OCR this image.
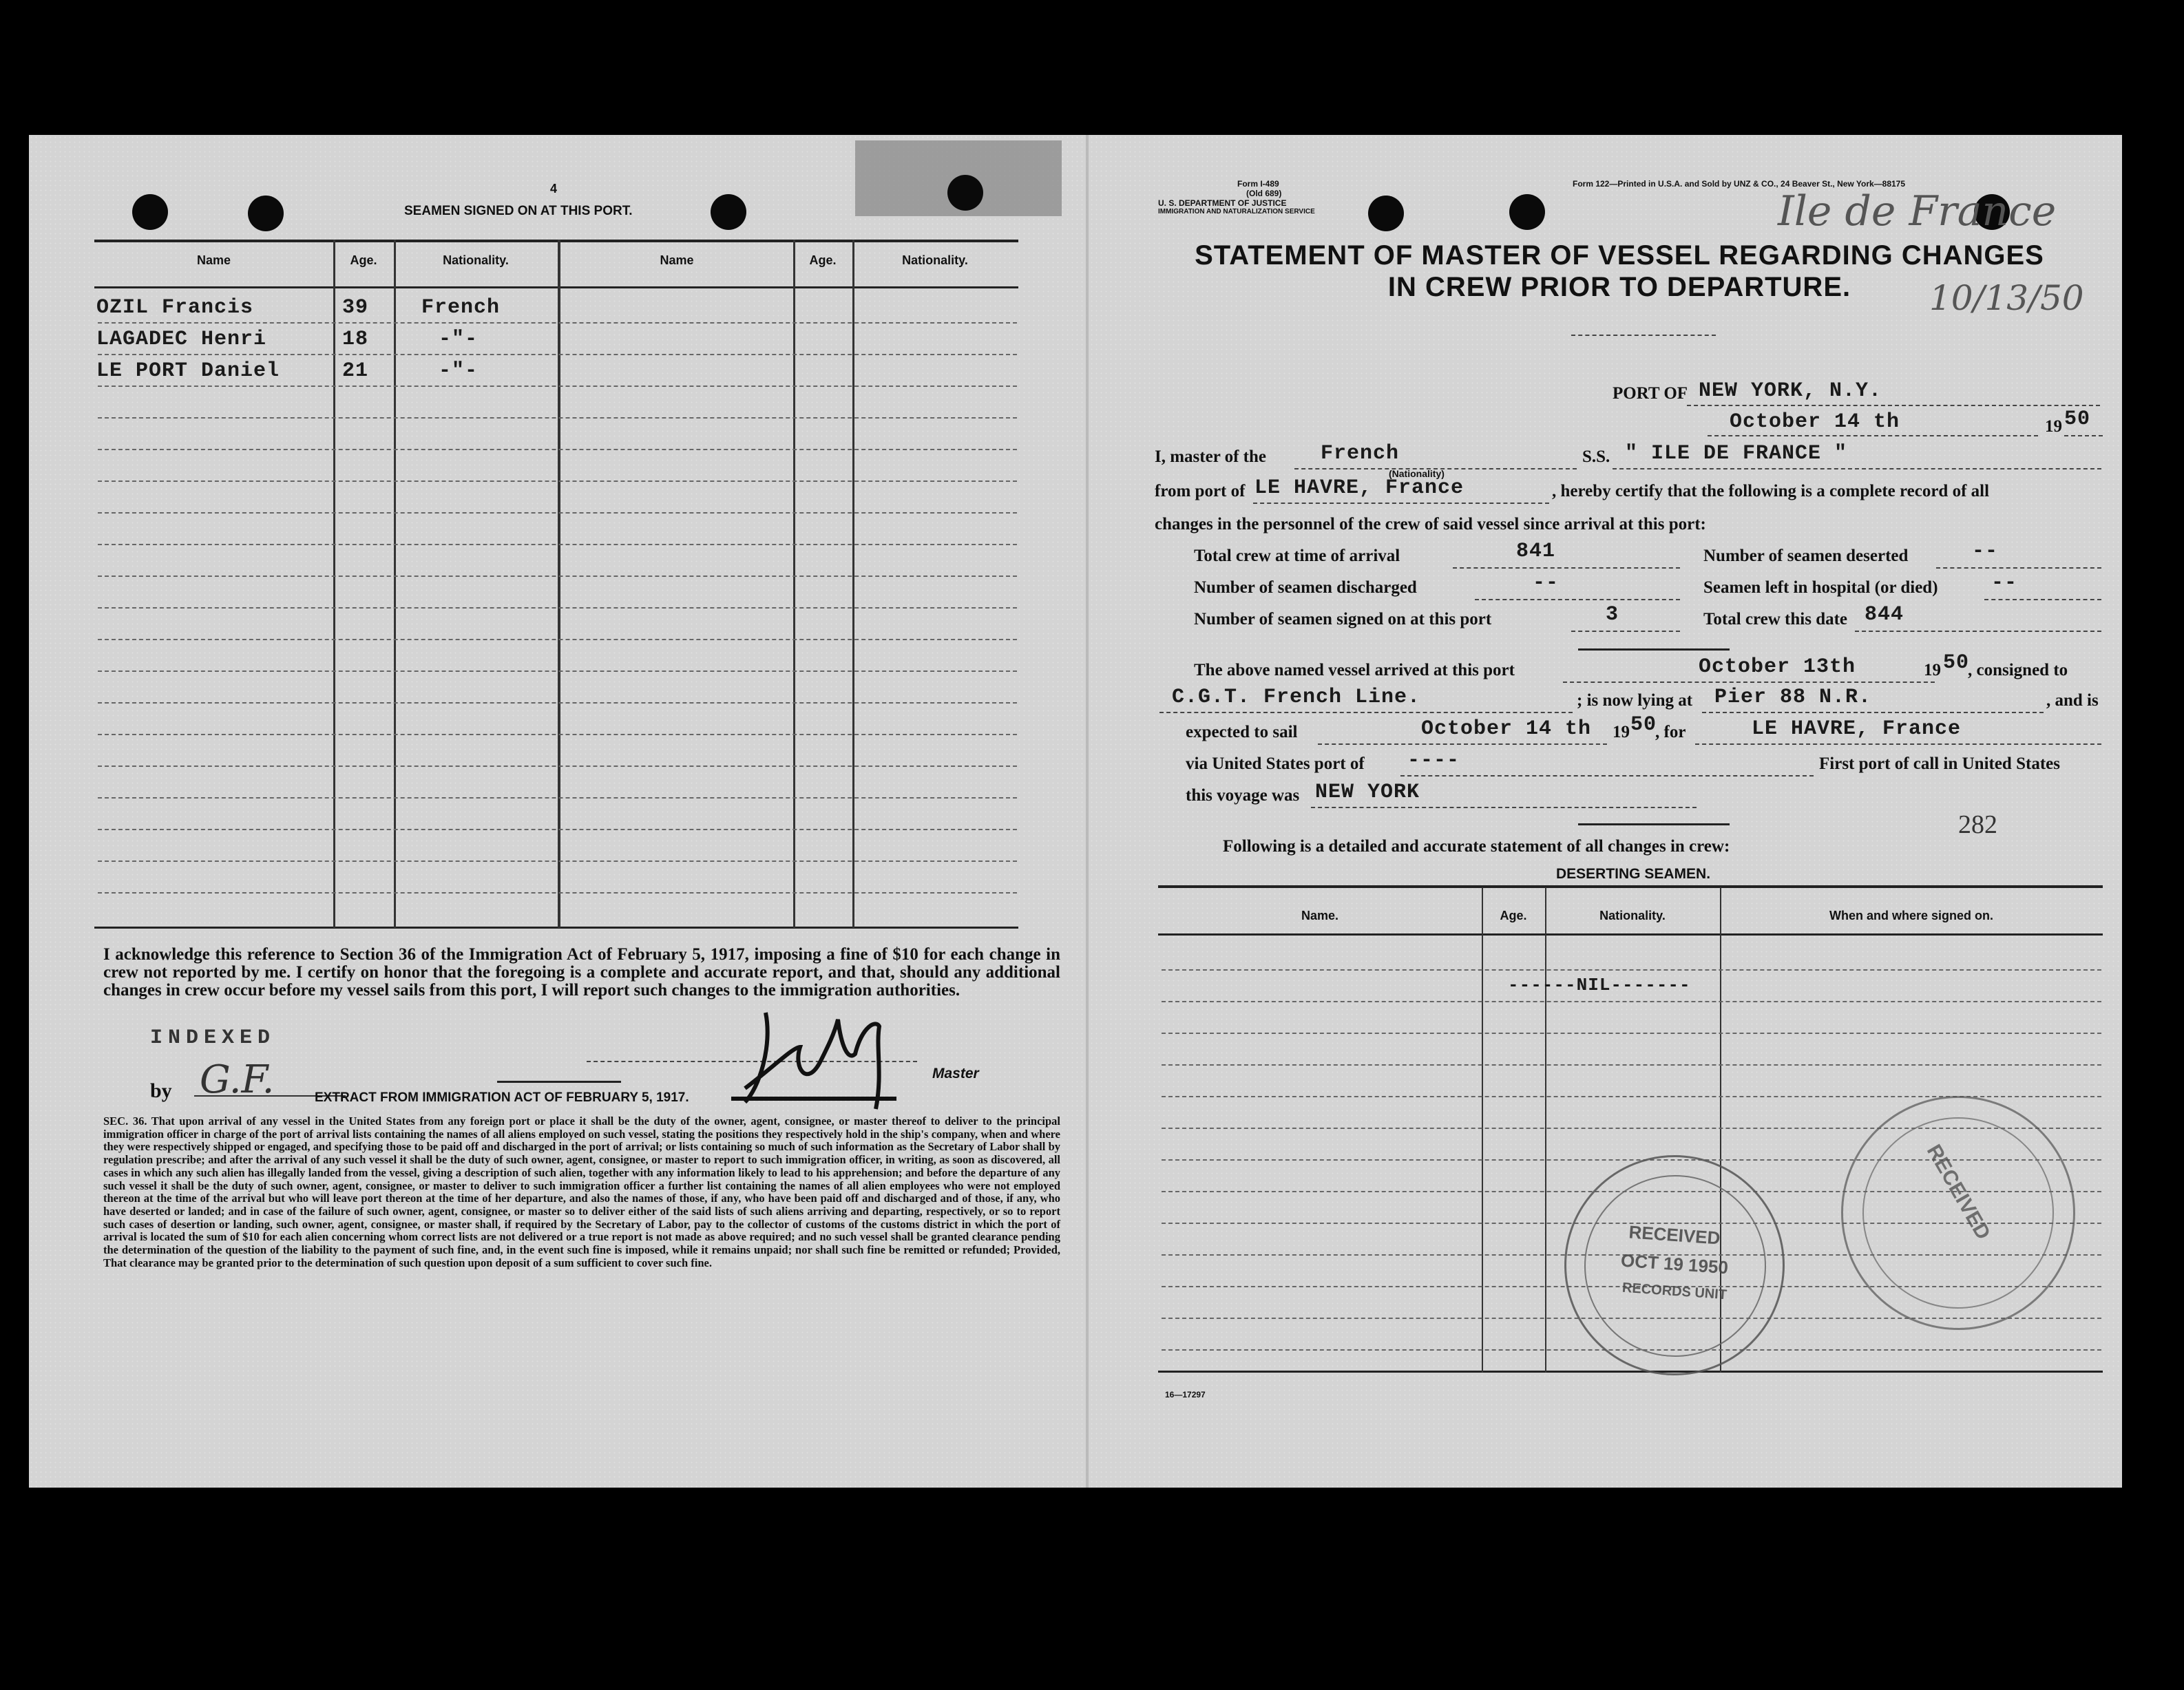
4
SEAMEN SIGNED ON AT THIS PORT.
Name	Age.	Nationality.	Name	Age.	Nationality.
OZIL Francis	39	French
LAGADEC Henri	18	-"-
LE PORT Daniel	21	-"-
I acknowledge this reference to Section 36 of the Immigration Act of February 5, 1917, imposing a fine of $10 for each change in crew not reported by me. I certify on honor that the foregoing is a complete and accurate report, and that, should any additional changes in crew occur before my vessel sails from this port, I will report such changes to the immigration authorities.
INDEXED
by G.F.	Master
EXTRACT FROM IMMIGRATION ACT OF FEBRUARY 5, 1917.
SEC. 36. That upon arrival of any vessel in the United States from any foreign port or place it shall be the duty of the owner, agent, consignee, or master thereof to deliver to the principal immigration officer in charge of the port of arrival lists containing the names of all aliens employed on such vessel, stating the positions they respectively hold in the ship's company, when and where they were respectively shipped or engaged, and specifying those to be paid off and discharged in the port of arrival; or lists containing so much of such information as the Secretary of Labor shall by regulation prescribe; and after the arrival of any such vessel it shall be the duty of such owner, agent, consignee, or master to report to such immigration officer, in writing, as soon as discovered, all cases in which any such alien has illegally landed from the vessel, giving a description of such alien, together with any information likely to lead to his apprehension; and before the departure of any such vessel it shall be the duty of such owner, agent, consignee, or master to deliver to such immigration officer a further list containing the names of all alien employees who were not employed thereon at the time of the arrival but who will leave port thereon at the time of her departure, and also the names of those, if any, who have been paid off and discharged and of those, if any, who have deserted or landed; and in case of the failure of such owner, agent, consignee, or master so to deliver either of the said lists of such aliens arriving and departing, respectively, or so to report such cases of desertion or landing, such owner, agent, consignee, or master shall, if required by the Secretary of Labor, pay to the collector of customs of the customs district in which the port of arrival is located the sum of $10 for each alien concerning whom correct lists are not delivered or a true report is not made as above required; and no such vessel shall be granted clearance pending the determination of the question of the liability to the payment of such fine, and, in the event such fine is imposed, while it remains unpaid; nor shall such fine be remitted or refunded; Provided, That clearance may be granted prior to the determination of such question upon deposit of a sum sufficient to cover such fine.
Form I-489
(Old 689)
U. S. DEPARTMENT OF JUSTICE
IMMIGRATION AND NATURALIZATION SERVICE
Form 122—Printed in U.S.A. and Sold by UNZ & CO., 24 Beaver St., New York—88175
Ile de France
10/13/50
STATEMENT OF MASTER OF VESSEL REGARDING CHANGES
IN CREW PRIOR TO DEPARTURE.
PORT OF NEW YORK, N.Y.
October 14 th	19 50
I, master of the	French
(Nationality)
S.S. " ILE DE FRANCE "
from port of LE HAVRE, France	, hereby certify that the following is a complete record of all
changes in the personnel of the crew of said vessel since arrival at this port:
Total crew at time of arrival	841	Number of seamen deserted	--
Number of seamen discharged	--	Seamen left in hospital (or died)	--
Number of seamen signed on at this port	3	Total crew this date 844
The above named vessel arrived at this port	October 13th	19 50
, consigned to
C.G.T. French Line.	; is now lying at Pier 88 N.R.	, and is
expected to sail	October 14 th 19 50
, for	LE HAVRE, France
via United States port of ----	First port of call in United States
this voyage was NEW YORK
282
Following is a detailed and accurate statement of all changes in crew:
DESERTING SEAMEN.
Name.	Age.	Nationality.	When and where signed on.
------NIL-------
16—17297
RECEIVED
OCT 19 1950
RECORDS UNIT
RECEIVED
